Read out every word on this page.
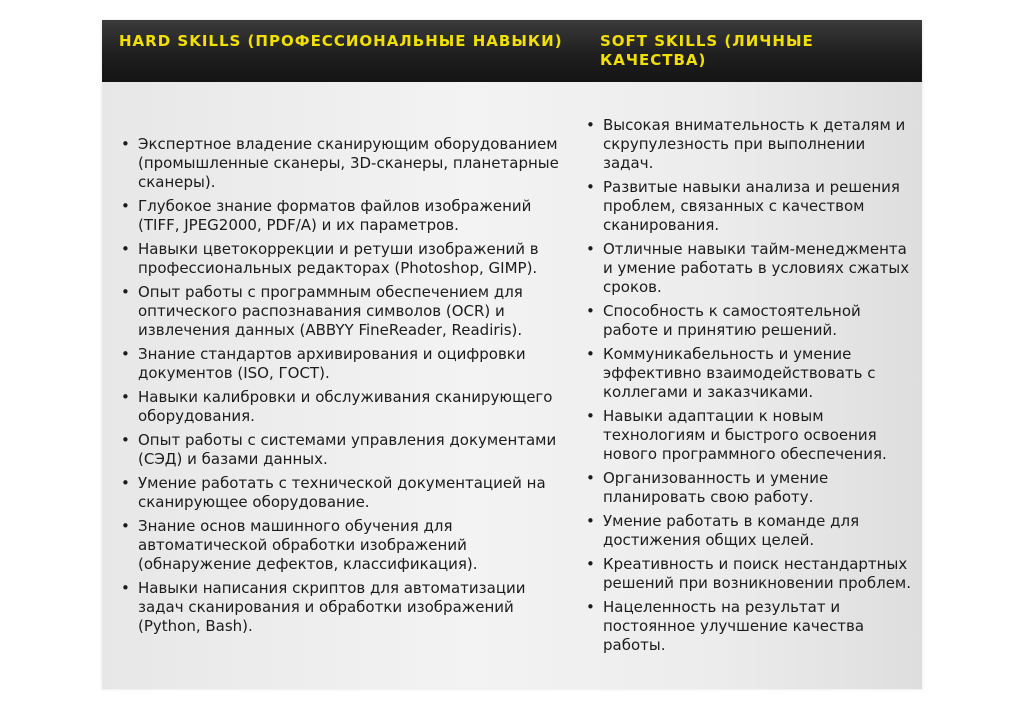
HARD SKILLS (ПРОФЕССИОНАЛЬНЫЕ НАВЫКИ)	SOFT SKILLS (ЛИЧНЫЕ КАЧЕСТВА)
• Экспертное владение сканирующим оборудованием (промышленные сканеры, 3D-сканеры, планетарные сканеры).
• Глубокое знание форматов файлов изображений (TIFF, JPEG2000, PDF/A) и их параметров.
• Навыки цветокоррекции и ретуши изображений в профессиональных редакторах (Photoshop, GIMP).
• Опыт работы с программным обеспечением для оптического распознавания символов (OCR) и извлечения данных (ABBYY FineReader, Readiris).
• Знание стандартов архивирования и оцифровки документов (ISO, ГОСТ).
• Навыки калибровки и обслуживания сканирующего оборудования.
• Опыт работы с системами управления документами (СЭД) и базами данных.
• Умение работать с технической документацией на сканирующее оборудование.
• Знание основ машинного обучения для автоматической обработки изображений (обнаружение дефектов, классификация).
• Навыки написания скриптов для автоматизации задач сканирования и обработки изображений (Python, Bash).
• Высокая внимательность к деталям и скрупулезность при выполнении задач.
• Развитые навыки анализа и решения проблем, связанных с качеством сканирования.
• Отличные навыки тайм-менеджмента и умение работать в условиях сжатых сроков.
• Способность к самостоятельной работе и принятию решений.
• Коммуникабельность и умение эффективно взаимодействовать с коллегами и заказчиками.
• Навыки адаптации к новым технологиям и быстрого освоения нового программного обеспечения.
• Организованность и умение планировать свою работу.
• Умение работать в команде для достижения общих целей.
• Креативность и поиск нестандартных решений при возникновении проблем.
• Нацеленность на результат и постоянное улучшение качества работы.
